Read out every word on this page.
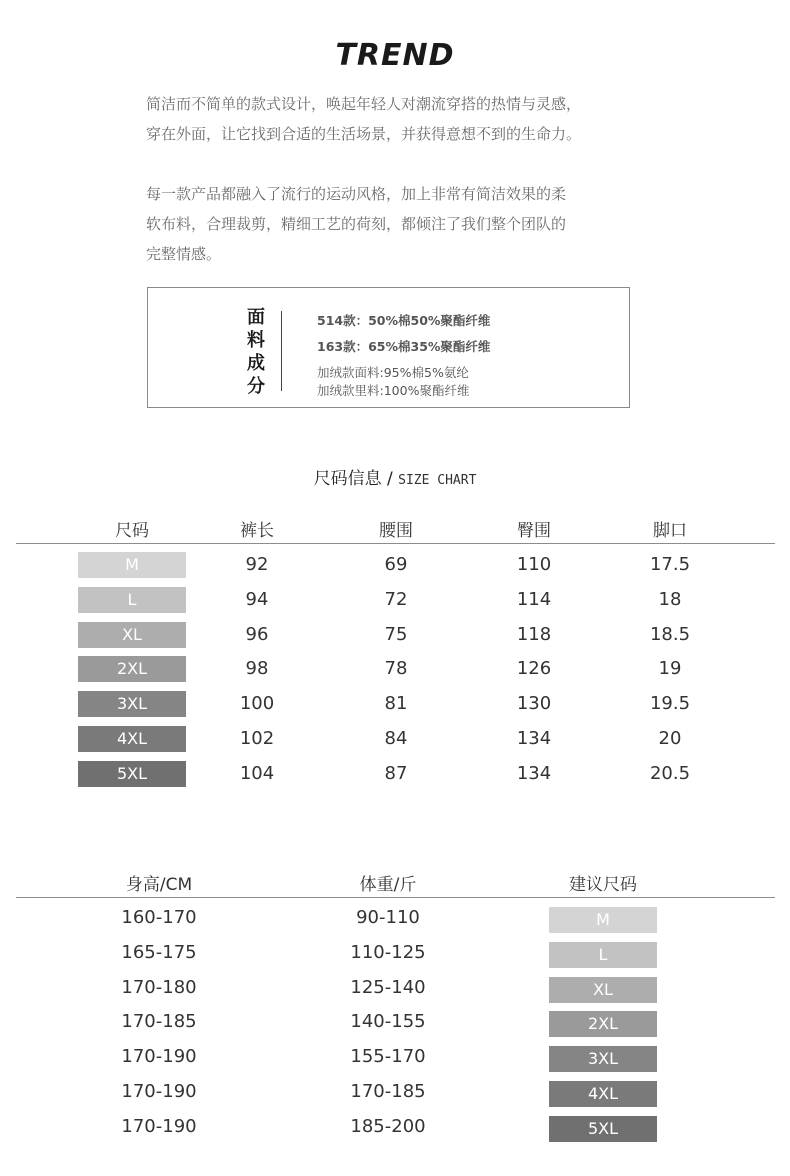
TREND
简洁而不简单的款式设计，唤起年轻人对潮流穿搭的热情与灵感，
穿在外面，让它找到合适的生活场景，并获得意想不到的生命力。
每一款产品都融入了流行的运动风格，加上非常有简洁效果的柔
软布料，合理裁剪，精细工艺的荷刻，都倾注了我们整个团队的
完整情感。
面
料
成
分
514款：50%棉50%聚酯纤维
163款：65%棉35%聚酯纤维
加绒款面料:95%棉5%氨纶
加绒款里料:100%聚酯纤维
尺码信息 / SIZE CHART
尺码	裤长	腰围	臀围	脚口
M	92	69	110	17.5
L	94	72	114	18
XL	96	75	118	18.5
2XL	98	78	126	19
3XL	100	81	130	19.5
4XL	102	84	134	20
5XL	104	87	134	20.5
身高/CM	体重/斤	建议尺码
160-170	90-110	M
165-175	110-125	L
170-180	125-140	XL
170-185	140-155	2XL
170-190	155-170	3XL
170-190	170-185	4XL
170-190	185-200	5XL
